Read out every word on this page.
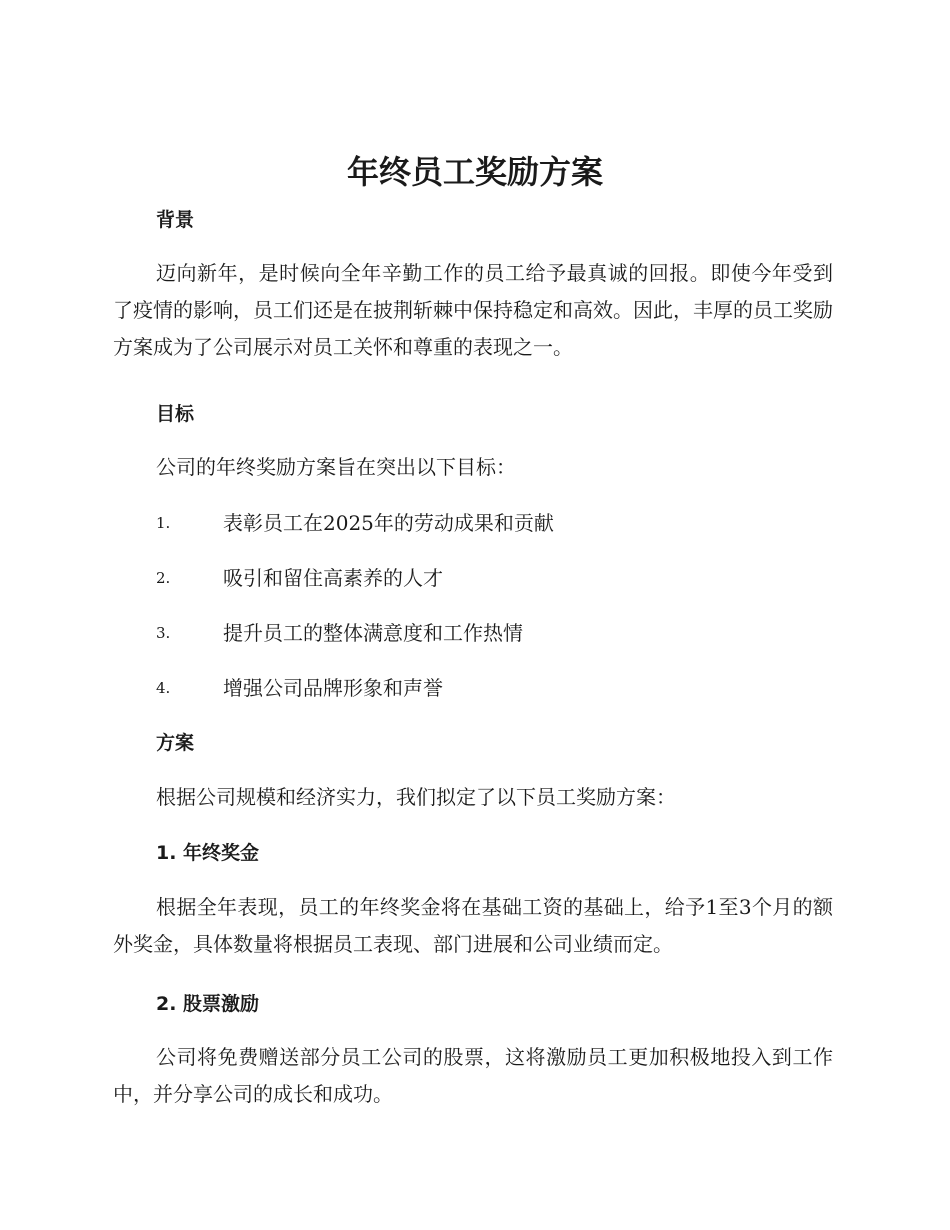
年终员工奖励方案
背景

迈向新年，是时候向全年辛勤工作的员工给予最真诚的回报。即使今年受到了疫情的影响，员工们还是在披荆斩棘中保持稳定和高效。因此，丰厚的员工奖励方案成为了公司展示对员工关怀和尊重的表现之一。

目标

公司的年终奖励方案旨在突出以下目标：

1.	表彰员工在2025年的劳动成果和贡献
2.	吸引和留住高素养的人才
3.	提升员工的整体满意度和工作热情
4.	增强公司品牌形象和声誉
方案

根据公司规模和经济实力，我们拟定了以下员工奖励方案：

1. 年终奖金

根据全年表现，员工的年终奖金将在基础工资的基础上，给予1至3个月的额外奖金，具体数量将根据员工表现、部门进展和公司业绩而定。

2. 股票激励

公司将免费赠送部分员工公司的股票，这将激励员工更加积极地投入到工作中，并分享公司的成长和成功。
